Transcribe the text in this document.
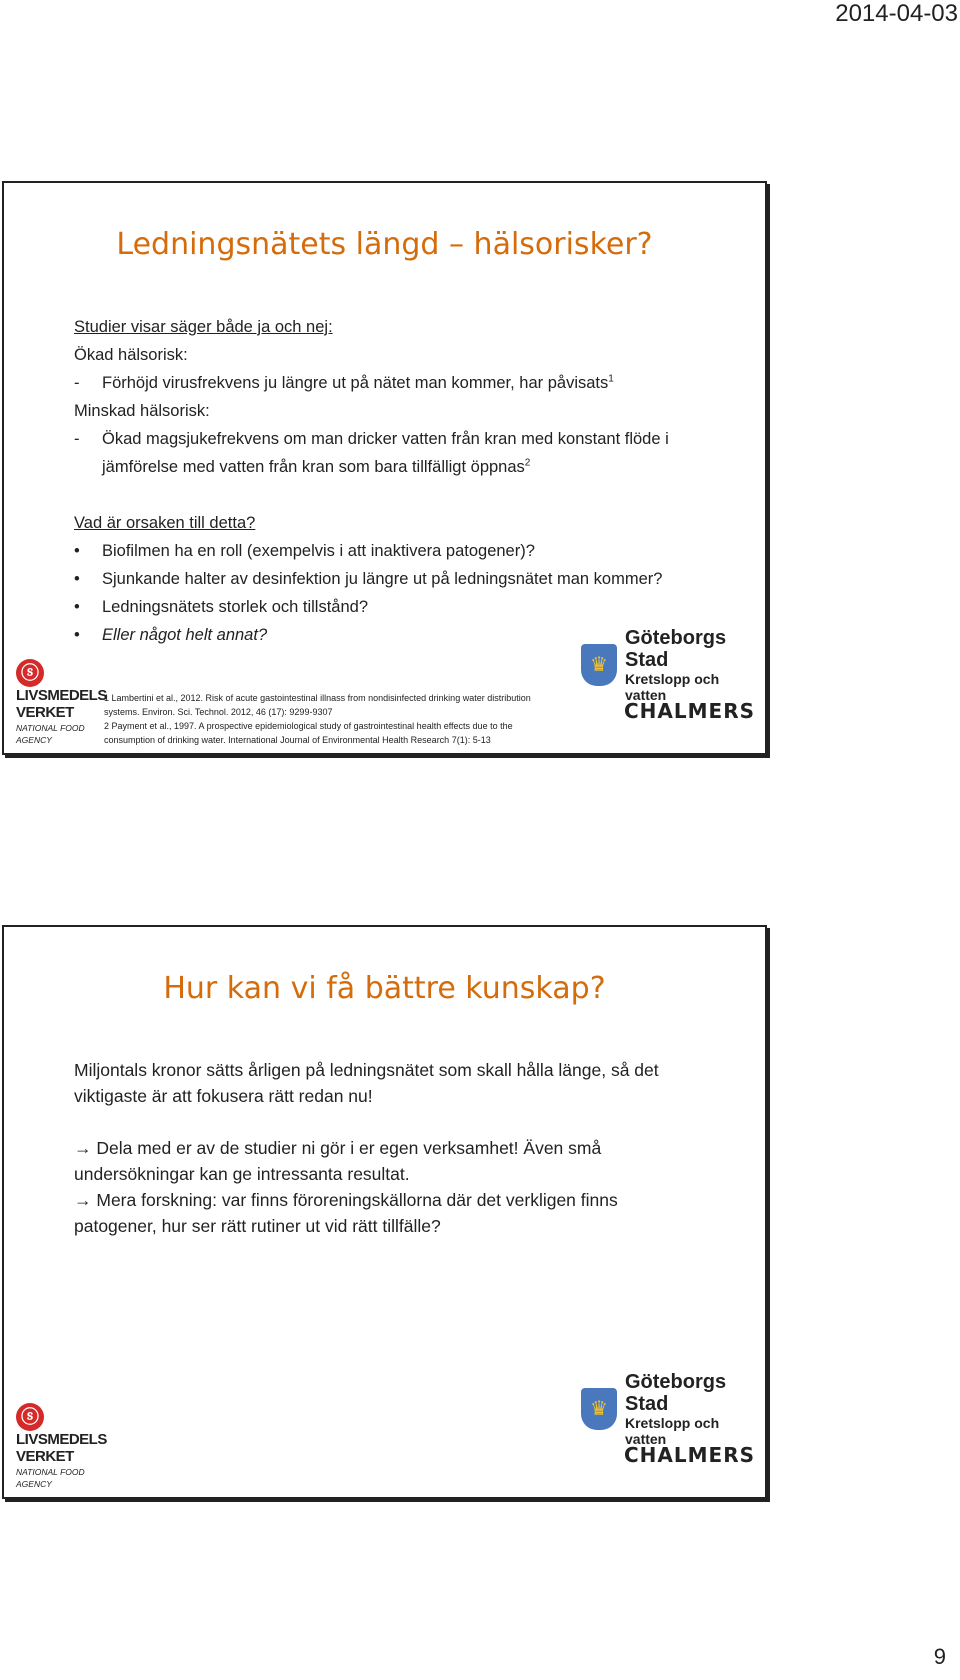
2014-04-03
Ledningsnätets längd – hälsorisker?
Studier visar säger både ja och nej:
Ökad hälsorisk:
-	Förhöjd virusfrekvens ju längre ut på nätet man kommer, har påvisats$^1$
Minskad hälsorisk:
-	Ökad magsjukefrekvens om man dricker vatten från kran med konstant flöde i
jämförelse med vatten från kran som bara tillfälligt öppnas$^2$
Vad är orsaken till detta?
•	Biofilmen ha en roll (exempelvis i att inaktivera patogener)?
•	Sjunkande halter av desinfektion ju längre ut på ledningsnätet man kommer?
•	Ledningsnätets storlek och tillstånd?
•	Eller något helt annat?
1 Lambertini et al., 2012. Risk of acute gastointestinal illnass from nondisinfected drinking water distribution
systems. Environ. Sci. Technol. 2012, 46 (17): 9299-9307
2 Payment et al., 1997. A prospective epidemiological study of gastrointestinal health effects due to the
consumption of drinking water. International Journal of Environmental Health Research 7(1): 5-13
ⓢ
LIVSMEDELS
VERKET
NATIONAL FOOD
AGENCY
♛
Göteborgs Stad
Kretslopp och vatten
CHALMERS
Hur kan vi få bättre kunskap?
Miljontals kronor sätts årligen på ledningsnätet som skall hålla länge, så det
viktigaste är att fokusera rätt redan nu!
→ Dela med er av de studier ni gör i er egen verksamhet! Även små
undersökningar kan ge intressanta resultat.
→ Mera forskning: var finns föroreningskällorna där det verkligen finns
patogener, hur ser rätt rutiner ut vid rätt tillfälle?
ⓢ
LIVSMEDELS
VERKET
NATIONAL FOOD
AGENCY
♛
Göteborgs Stad
Kretslopp och vatten
CHALMERS
9
